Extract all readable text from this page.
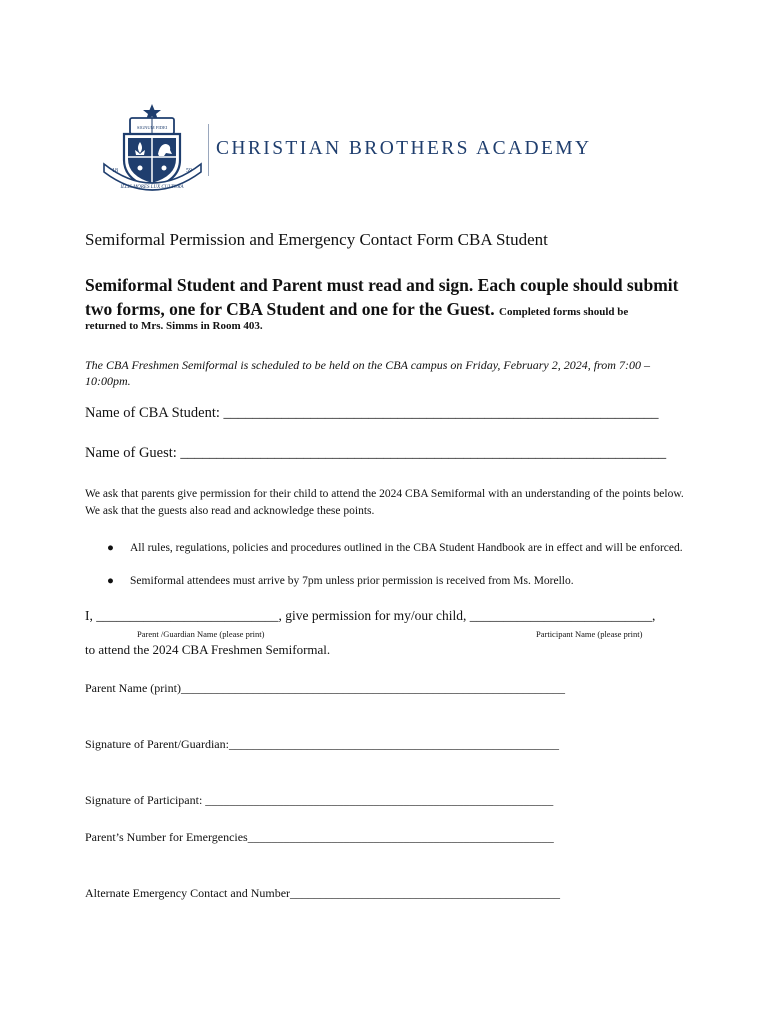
SIGNUM FIDEI
18	59
ILLIS MORES LUX CULTURA
CHRISTIAN BROTHERS ACADEMY
Semiformal Permission and Emergency Contact Form CBA Student
Semiformal Student and Parent must read and sign. Each couple should submit two forms, one for CBA Student and one for the Guest. Completed forms should be
returned to Mrs. Simms in Room 403.
The CBA Freshmen Semiformal is scheduled to be held on the CBA campus on Friday, February 2, 2024, from 7:00 – 10:00pm.
Name of CBA Student: ____________________________________________________________
Name of Guest: ___________________________________________________________________
We ask that parents give permission for their child to attend the 2024 CBA Semiformal with an understanding of the points below. We ask that the guests also read and acknowledge these points.
● All rules, regulations, policies and procedures outlined in the CBA Student Handbook are in effect and will be enforced.
● Semiformal attendees must arrive by 7pm unless prior permission is received from Ms. Morello.
I, ___________________________, give permission for my/our child, ___________________________,
Parent /Guardian Name (please print)	Participant Name (please print)
to attend the 2024 CBA Freshmen Semiformal.
Parent Name (print)________________________________________________________________
Signature of Parent/Guardian:_______________________________________________________
Signature of Participant: __________________________________________________________
Parent’s Number for Emergencies___________________________________________________
Alternate Emergency Contact and Number_____________________________________________
